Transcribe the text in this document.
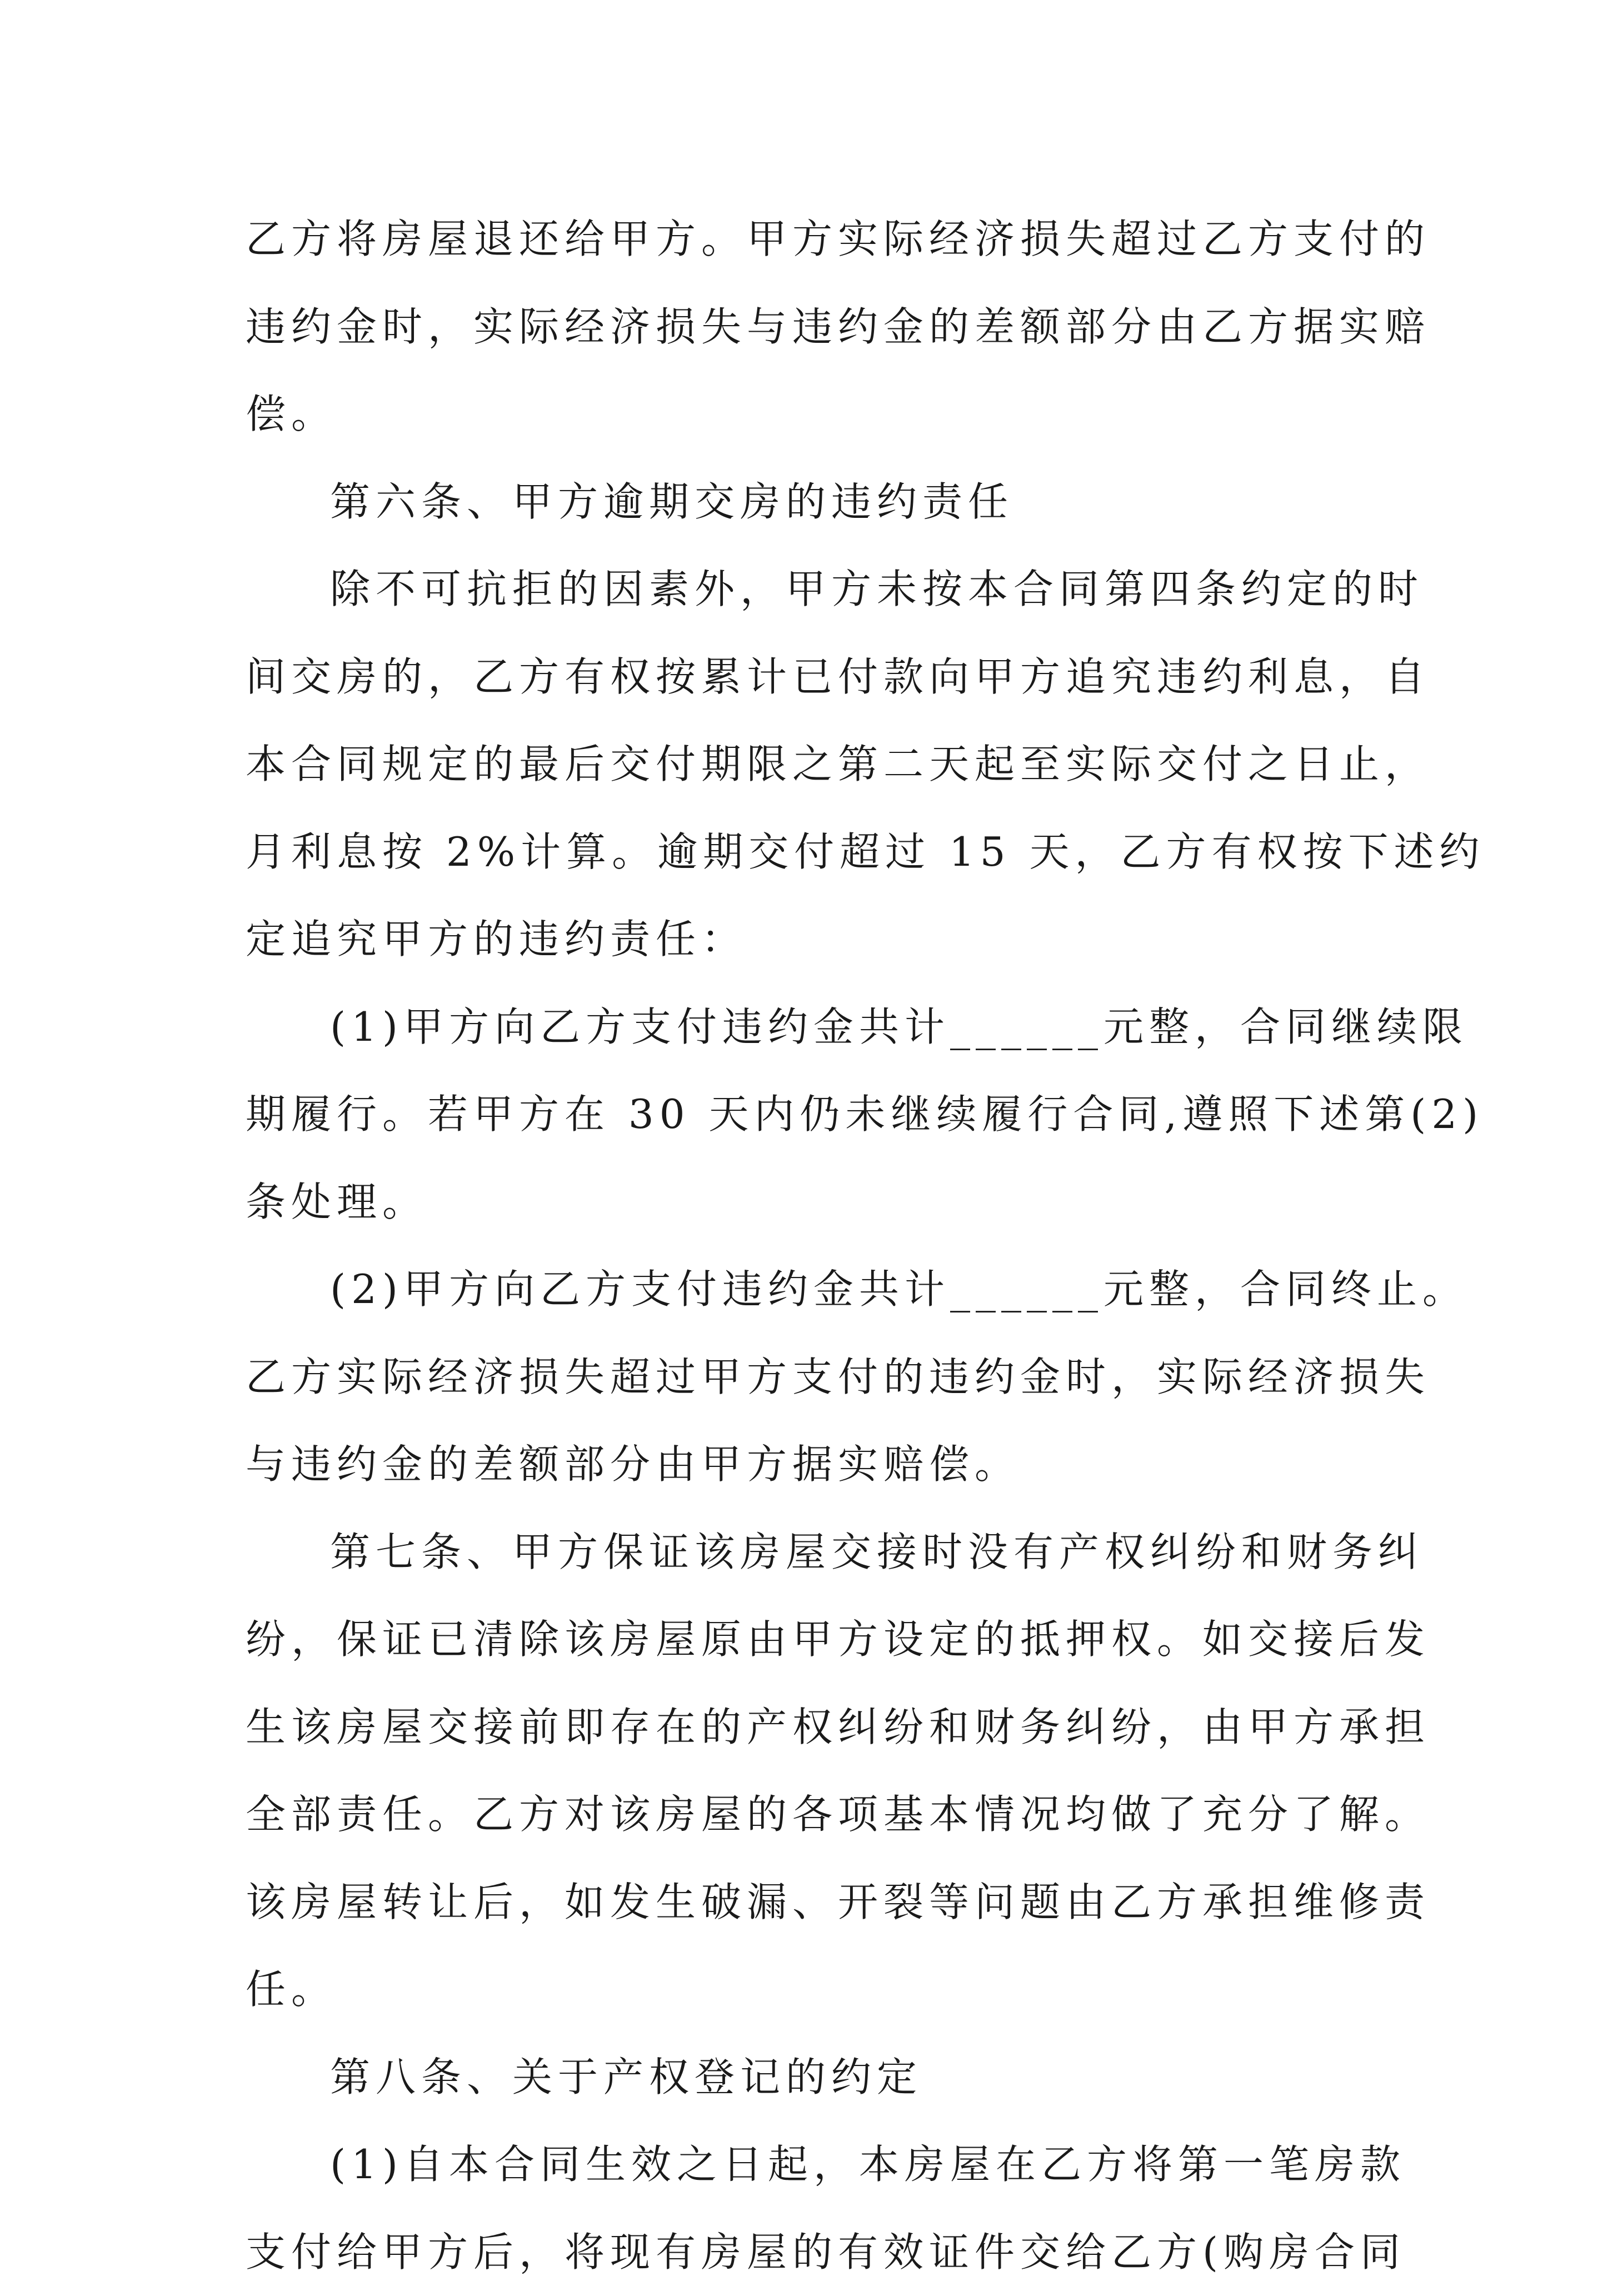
乙方将房屋退还给甲方。甲方实际经济损失超过乙方支付的
违约金时，实际经济损失与违约金的差额部分由乙方据实赔
偿。
第六条、甲方逾期交房的违约责任
除不可抗拒的因素外，甲方未按本合同第四条约定的时
间交房的，乙方有权按累计已付款向甲方追究违约利息，自
本合同规定的最后交付期限之第二天起至实际交付之日止，
月利息按 2%计算。逾期交付超过 15 天，乙方有权按下述约
定追究甲方的违约责任：
(1)甲方向乙方支付违约金共计______元整，合同继续限
期履行。若甲方在 30 天内仍未继续履行合同,遵照下述第(2)
条处理。
(2)甲方向乙方支付违约金共计______元整，合同终止。
乙方实际经济损失超过甲方支付的违约金时，实际经济损失
与违约金的差额部分由甲方据实赔偿。
第七条、甲方保证该房屋交接时没有产权纠纷和财务纠
纷，保证已清除该房屋原由甲方设定的抵押权。如交接后发
生该房屋交接前即存在的产权纠纷和财务纠纷，由甲方承担
全部责任。乙方对该房屋的各项基本情况均做了充分了解。
该房屋转让后，如发生破漏、开裂等问题由乙方承担维修责
任。
第八条、关于产权登记的约定
(1)自本合同生效之日起，本房屋在乙方将第一笔房款
支付给甲方后，将现有房屋的有效证件交给乙方(购房合同
